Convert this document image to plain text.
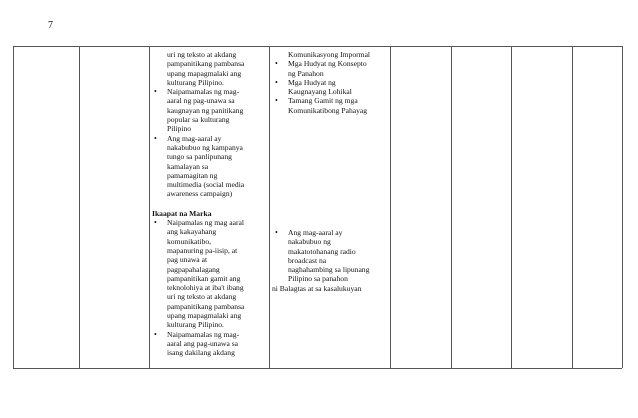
7
uri ng teksto at akdang
pampanitikang pambansa
upang mapagmalaki ang
kulturang Pilipino.
• Naipamamalas ng mag-
aaral ng pag-unawa sa
kaugnayan ng panitikang
popular sa kulturang
Pilipino
• Ang mag-aaral ay
nakabubuo ng kampanya
tungo sa panlipunang
kamalayan sa
pamamagitan ng
multimedia (social media
awareness campaign)
Ikaapat na Marka
• Naipamalas ng mag aaral
ang kakayahang
komunikatibo,
mapanuring pa-iisip, at
pag unawa at
pagpapahalagang
pampanitikan gamit ang
teknolohiya at iba't ibang
uri ng teksto at akdang
pampanitikang pambansa
upang mapagmalaki ang
kulturang Pilipino.
• Naipamamalas ng mag-
aaral ang pag-unawa sa
isang dakilang akdang
Komunikasyong Impormal
• Mga Hudyat ng Konsepto
ng Panahon
• Mga Hudyat ng
Kaugnayang Lohikal
• Tamang Gamit ng mga
Komunikatibong Pahayag
• Ang mag-aaral ay
nakabubuo ng
makatotohanang radio
broadcast na
naghahambing sa lipunang
Pilipino sa panahon
ni Balagtas at sa kasalukuyan
